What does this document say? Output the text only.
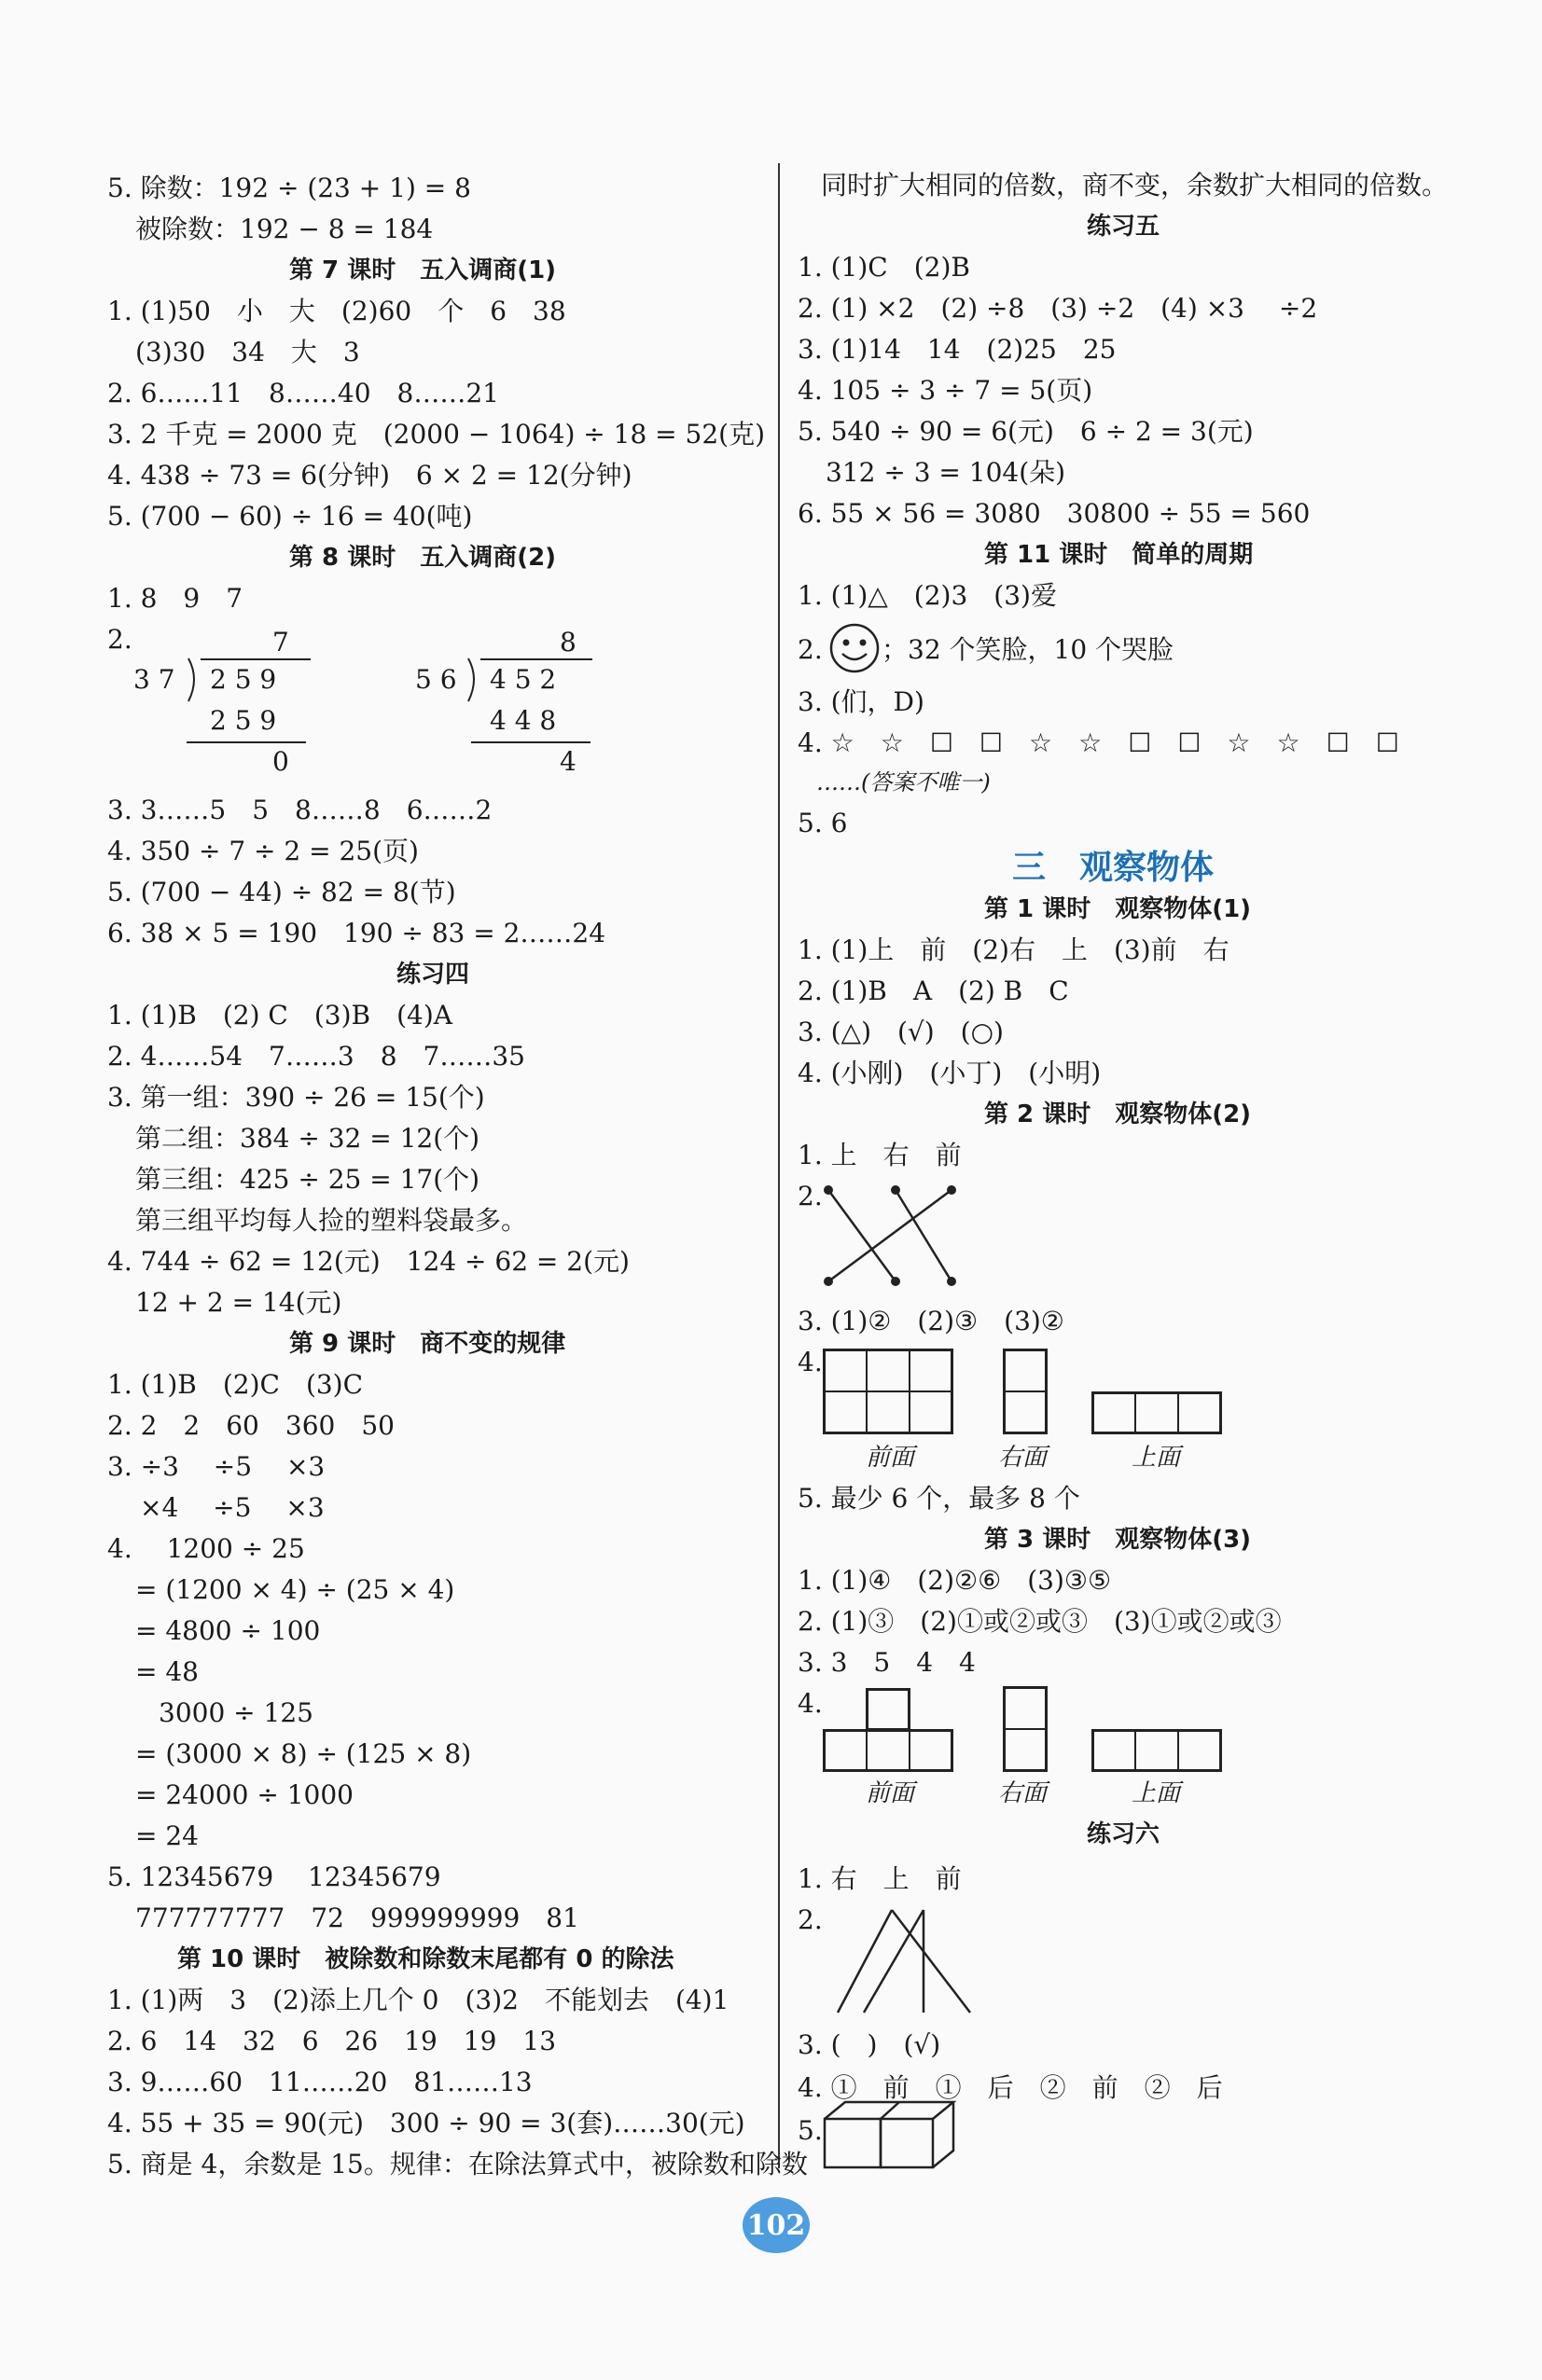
5. 除数：192 ÷ (23 + 1) = 8
被除数：192 − 8 = 184
第 7 课时　五入调商(1)
1. (1)50　小　大　(2)60　个　6　38
(3)30　34　大　3
2. 6……11　8……40　8……21
3. 2 千克 = 2000 克　(2000 − 1064) ÷ 18 = 52(克)
4. 438 ÷ 73 = 6(分钟)　6 × 2 = 12(分钟)
5. (700 − 60) ÷ 16 = 40(吨)
第 8 课时　五入调商(2)
1. 8　9　7
2.	7
3 7 2 5 9
2 5 9
0
8
5 6 4 5 2
4 4 8
4
3. 3……5　5　8……8　6……2
4. 350 ÷ 7 ÷ 2 = 25(页)
5. (700 − 44) ÷ 82 = 8(节)
6. 38 × 5 = 190　190 ÷ 83 = 2……24
练习四
1. (1)B　(2) C　(3)B　(4)A
2. 4……54　7……3　8　7……35
3. 第一组：390 ÷ 26 = 15(个)
第二组：384 ÷ 32 = 12(个)
第三组：425 ÷ 25 = 17(个)
第三组平均每人捡的塑料袋最多。
4. 744 ÷ 62 = 12(元)　124 ÷ 62 = 2(元)
12 + 2 = 14(元)
第 9 课时　商不变的规律
1. (1)B　(2)C　(3)C
2. 2　2　60　360　50
3. ÷3　 ÷5　 ×3
×4　 ÷5　 ×3
4.　 1200 ÷ 25
= (1200 × 4) ÷ (25 × 4)
= 4800 ÷ 100
= 48
3000 ÷ 125
= (3000 × 8) ÷ (125 × 8)
= 24000 ÷ 1000
= 24
5. 12345679　 12345679
777777777　72　999999999　81
第 10 课时　被除数和除数末尾都有 0 的除法
1. (1)两　3　(2)添上几个 0　(3)2　不能划去　(4)1
2. 6　14　32　6　26　19　19　13
3. 9……60　11……20　81……13
4. 55 + 35 = 90(元)　300 ÷ 90 = 3(套)……30(元)
5. 商是 4，余数是 15。规律：在除法算式中，被除数和除数
同时扩大相同的倍数，商不变，余数扩大相同的倍数。
练习五
1. (1)C　(2)B
2. (1) ×2　(2) ÷8　(3) ÷2　(4) ×3　 ÷2
3. (1)14　14　(2)25　25
4. 105 ÷ 3 ÷ 7 = 5(页)
5. 540 ÷ 90 = 6(元)　6 ÷ 2 = 3(元)
312 ÷ 3 = 104(朵)
6. 55 × 56 = 3080　30800 ÷ 55 = 560
第 11 课时　简单的周期
1. (1)△　(2)3　(3)爱
2. ；32 个笑脸，10 个哭脸
3. (们，D)
4. ☆　☆　☐　☐　☆　☆　☐　☐　☆　☆　☐　☐
……(答案不唯一)
5. 6
三　观察物体
第 1 课时　观察物体(1)
1. (1)上　前　(2)右　上　(3)前　右
2. (1)B　A　(2) B　C
3. (△)　(√)　(○)
4. (小刚)　(小丁)　(小明)
第 2 课时　观察物体(2)
1. 上　右　前
2.
3. (1)②　(2)③　(3)②
4.
前面	右面	上面
5. 最少 6 个，最多 8 个
第 3 课时　观察物体(3)
1. (1)④　(2)②⑥　(3)③⑤
2. (1)③　(2)①或②或③　(3)①或②或③
3. 3　5　4　4
4.
前面	右面	上面
练习六
1. 右　上　前
2.
3. (　)　(√)
4. ①　前　①　后　②　前　②　后
5.
102
